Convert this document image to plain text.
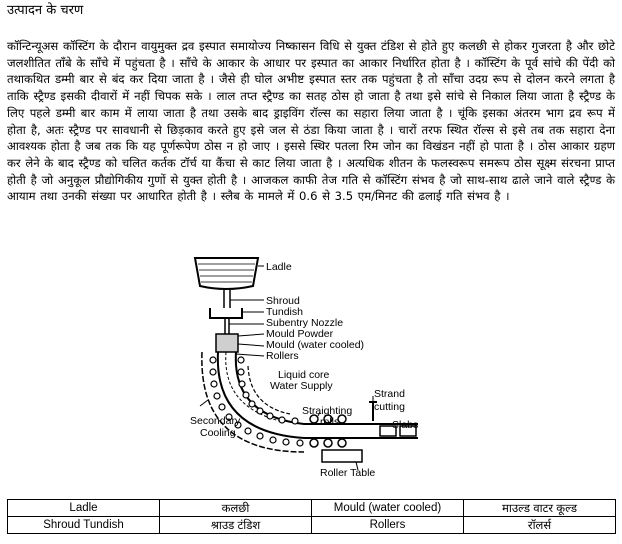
उत्पादन के चरण
कॉन्टिन्यूअस कॉस्टिंग के दौरान वायुमुक्त द्रव इस्पात समायोज्य निष्कासन विधि से युक्त टंडिश से होते हुए कलछी से होकर गुजरता है और छोटे जलशीतित ताँबे के साँचे में पहुंचता है । साँचे के आकार के आधार पर इस्पात का आकार निर्धारित होता है । कॉस्टिंग के पूर्व सांचे की पेंदी को तथाकथित डम्मी बार से बंद कर दिया जाता है । जैसे ही घोल अभीष्ट इस्पात स्तर तक पहुंचता है तो साँचा उदग्र रूप से दोलन करने लगता है ताकि स्ट्रैण्ड इसकी दीवारों में नहीं चिपक सके । लाल तप्त स्ट्रैण्ड का सतह ठोस हो जाता है तथा इसे सांचे से निकाल लिया जाता है स्ट्रैण्ड के लिए पहले डम्मी बार काम में लाया जाता है तथा उसके बाद ड्राइविंग रॉल्स का सहारा लिया जाता है । चूंकि इसका अंतरम भाग द्रव रूप में होता है, अतः स्ट्रैण्ड पर सावधानी से छिड़काव करते हुए इसे जल से ठंडा किया जाता है । चारों तरफ स्थित रॉल्स से इसे तब तक सहारा देना आवश्यक होता है जब तक कि यह पूर्णरूपेण ठोस न हो जाए । इससे स्थिर पतला रिम जोन का विखंडन नहीं हो पाता है । ठोस आकार ग्रहण कर लेने के बाद स्ट्रैण्ड को चलित कर्तक टॉर्च या कैंचा से काट लिया जाता है । अत्यधिक शीतन के फलस्वरूप समरूप ठोस सूक्ष्म संरचना प्राप्त होती है जो अनुकूल प्रौद्योगिकीय गुणों से युक्त होती है । आजकल काफी तेज गति से कॉस्टिंग संभव है जो साथ-साथ ढाले जाने वाले स्ट्रैण्ड के आयाम तथा उनकी संख्या पर आधारित होती है । स्लैब के मामले में 0.6 से 3.5 एम/मिनट की ढलाई गति संभव है ।
Ladle
Shroud
Tundish
Subentry Nozzle
Mould Powder
Mould (water cooled)
Rollers
Liquid core
Water Supply
Strand
cutting
Straighting
rolls
Secondary
Cooling
Slabs
Roller Table
Ladle	कलछी	Mould (water cooled)	माउल्ड वाटर कूल्ड
Shroud Tundish	श्राउड टंडिश	Rollers	रॉलर्स
